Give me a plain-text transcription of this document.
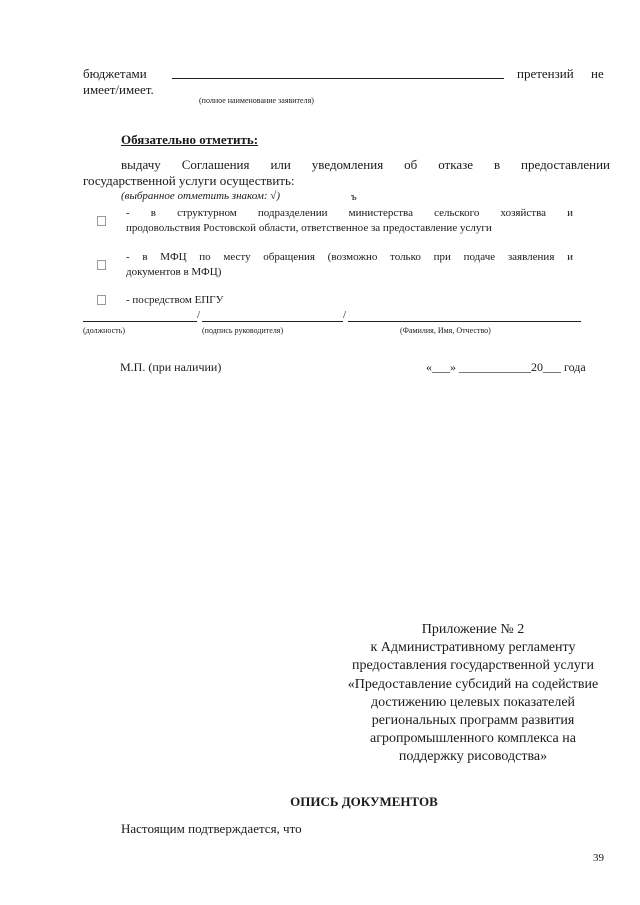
бюджетами	претензий не
имеет/имеет.
(полное наименование заявителя)
Обязательно отметить:
выдачу Соглашения или уведомления об отказе в предоставлении
государственной услуги осуществить:
(выбранное отметить знаком: √)	ъ
- в структурном подразделении министерства сельского хозяйства и
продовольствия Ростовской области, ответственное за предоставление услуги
- в МФЦ по месту обращения (возможно только при подаче заявления и
документов в МФЦ)
- посредством ЕПГУ
/	/
(должность)	(подпись руководителя)	(Фамилия, Имя, Отчество)
М.П. (при наличии)	«___» ____________20___ года
Приложение № 2
к Административному регламенту
предоставления государственной услуги
«Предоставление субсидий на содействие
достижению целевых показателей
региональных программ развития
агропромышленного комплекса на
поддержку рисоводства»
ОПИСЬ ДОКУМЕНТОВ
Настоящим подтверждается, что
39
